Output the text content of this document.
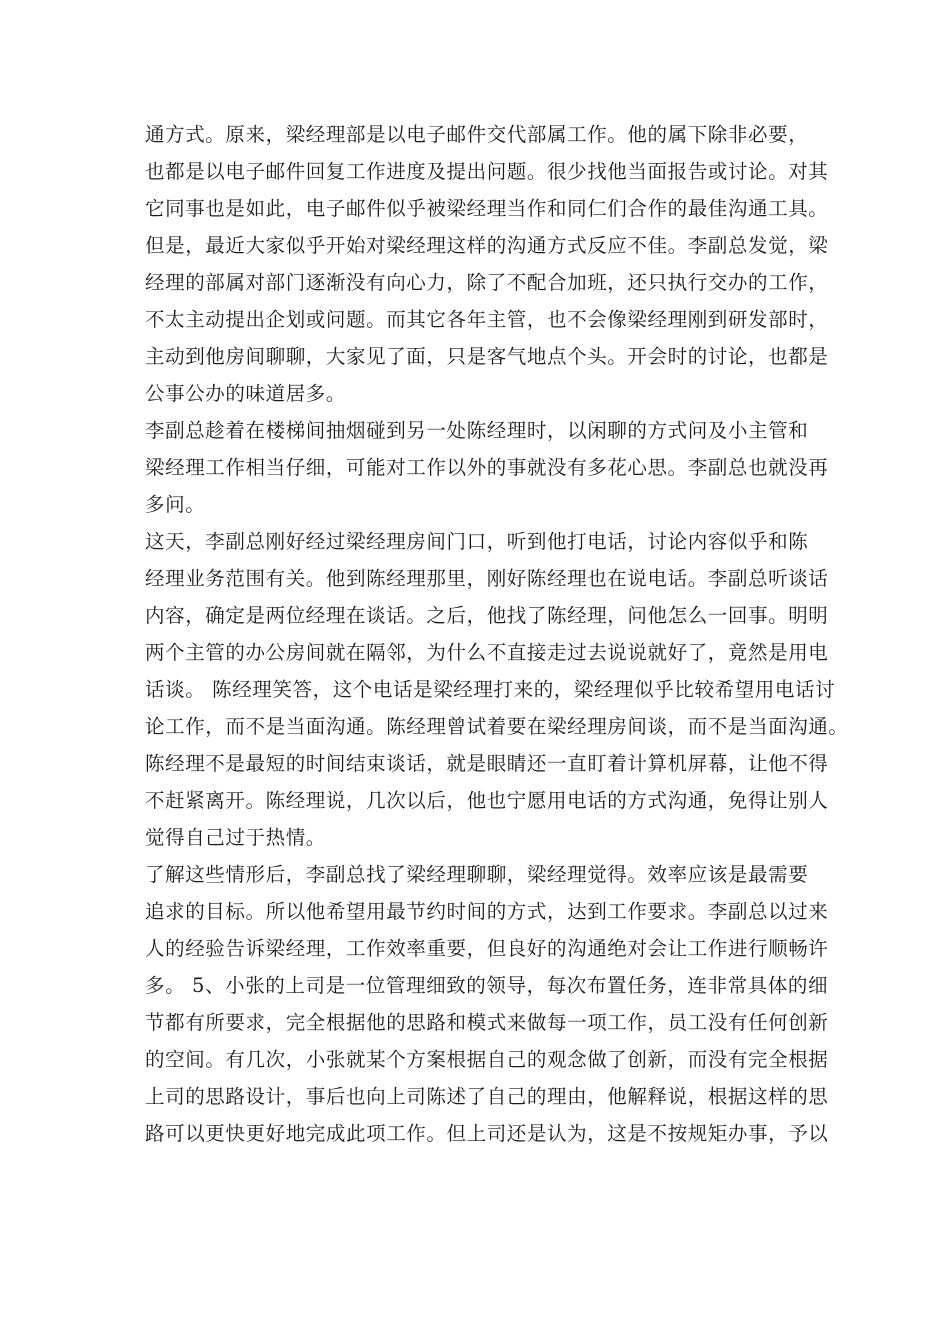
通方式。原来，梁经理部是以电子邮件交代部属工作。他的属下除非必要，
也都是以电子邮件回复工作进度及提出问题。很少找他当面报告或讨论。对其
它同事也是如此，电子邮件似乎被梁经理当作和同仁们合作的最佳沟通工具。
但是，最近大家似乎开始对梁经理这样的沟通方式反应不佳。李副总发觉，梁
经理的部属对部门逐渐没有向心力，除了不配合加班，还只执行交办的工作，
不太主动提出企划或问题。而其它各年主管，也不会像梁经理刚到研发部时，
主动到他房间聊聊，大家见了面，只是客气地点个头。开会时的讨论，也都是
公事公办的味道居多。
李副总趁着在楼梯间抽烟碰到另一处陈经理时，以闲聊的方式问及小主管和
梁经理工作相当仔细，可能对工作以外的事就没有多花心思。李副总也就没再
多问。
这天，李副总刚好经过梁经理房间门口，听到他打电话，讨论内容似乎和陈
经理业务范围有关。他到陈经理那里，刚好陈经理也在说电话。李副总听谈话
内容，确定是两位经理在谈话。之后，他找了陈经理，问他怎么一回事。明明
两个主管的办公房间就在隔邻，为什么不直接走过去说说就好了，竟然是用电
话谈。 陈经理笑答，这个电话是梁经理打来的，梁经理似乎比较希望用电话讨
论工作，而不是当面沟通。陈经理曾试着要在梁经理房间谈，而不是当面沟通。
陈经理不是最短的时间结束谈话，就是眼睛还一直盯着计算机屏幕，让他不得
不赶紧离开。陈经理说，几次以后，他也宁愿用电话的方式沟通，免得让别人
觉得自己过于热情。
了解这些情形后，李副总找了梁经理聊聊，梁经理觉得。效率应该是最需要
追求的目标。所以他希望用最节约时间的方式，达到工作要求。李副总以过来
人的经验告诉梁经理，工作效率重要，但良好的沟通绝对会让工作进行顺畅许
多。 5、小张的上司是一位管理细致的领导，每次布置任务，连非常具体的细
节都有所要求，完全根据他的思路和模式来做每一项工作，员工没有任何创新
的空间。有几次，小张就某个方案根据自己的观念做了创新，而没有完全根据
上司的思路设计，事后也向上司陈述了自己的理由，他解释说，根据这样的思
路可以更快更好地完成此项工作。但上司还是认为，这是不按规矩办事，予以
